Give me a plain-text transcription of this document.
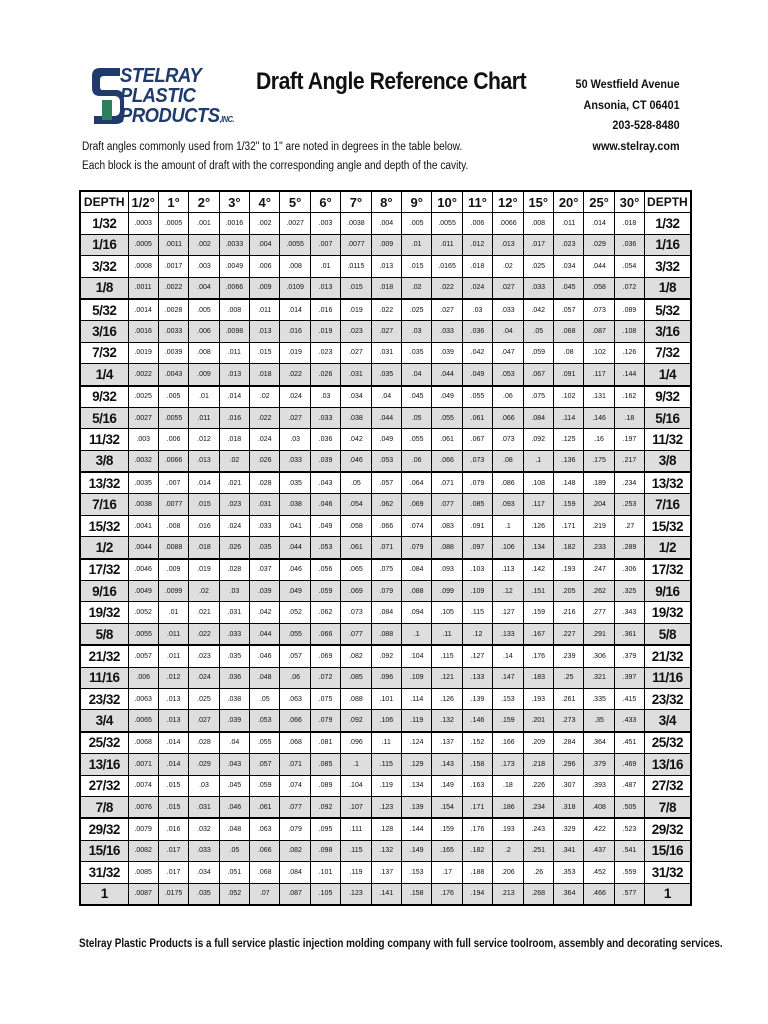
STELRAY
PLASTIC
PRODUCTS,INC.
Draft Angle Reference Chart	50 Westfield Avenue
Ansonia, CT 06401
203-528-8480
www.stelray.com
Draft angles commonly used from 1/32" to 1" are noted in degrees in the table below.
Each block is the amount of draft with the corresponding angle and depth of the cavity.
DEPTH	1/2°	1°	2°	3°	4°	5°	6°	7°	8°	9°	10°	11°	12°	15°	20°	25°	30°	DEPTH
1/32	.0003	.0005	.001	.0016	.002	.0027	.003	.0038	.004	.005	.0055	.006	.0066	.008	.011	.014	.018	1/32
1/16	.0005	.0011	.002	.0033	.004	.0055	.007	.0077	.009	.01	.011	.012	.013	.017	.023	.029	.036	1/16
3/32	.0008	.0017	.003	.0049	.006	.008	.01	.0115	.013	.015	.0165	.018	.02	.025	.034	.044	.054	3/32
1/8	.0011	.0022	.004	.0066	.009	.0109	.013	.015	.018	.02	.022	.024	.027	.033	.045	.058	.072	1/8
5/32	.0014	.0028	.005	.008	.011	.014	.016	.019	.022	.025	.027	.03	.033	.042	.057	.073	.089	5/32
3/16	.0016	.0033	.006	.0098	.013	.016	.019	.023	.027	.03	.033	.036	.04	.05	.068	.087	.108	3/16
7/32	.0019	.0039	.008	.011	.015	.019	.023	.027	.031	.035	.039	.042	.047	.059	.08	.102	.126	7/32
1/4	.0022	.0043	.009	.013	.018	.022	.026	.031	.035	.04	.044	.049	.053	.067	.091	.117	.144	1/4
9/32	.0025	.005	.01	.014	.02	.024	.03	.034	.04	.045	.049	.055	.06	.075	.102	.131	.162	9/32
5/16	.0027	.0055	.011	.016	.022	.027	.033	.038	.044	.05	.055	.061	.066	.084	.114	.146	.18	5/16
11/32	.003	.006	.012	.018	.024	.03	.036	.042	.049	.055	.061	.067	.073	.092	.125	.16	.197	11/32
3/8	.0032	.0066	.013	.02	.026	.033	.039	.046	.053	.06	.066	.073	.08	.1	.136	.175	.217	3/8
13/32	.0035	.007	.014	.021	.028	.035	.043	.05	.057	.064	.071	.079	.086	.108	.148	.189	.234	13/32
7/16	.0038	.0077	.015	.023	.031	.038	.046	.054	.062	.069	.077	.085	.093	.117	.159	.204	.253	7/16
15/32	.0041	.008	.016	.024	.033	.041	.049	.058	.066	.074	.083	.091	.1	.126	.171	.219	.27	15/32
1/2	.0044	.0088	.018	.026	.035	.044	.053	.061	.071	.079	.088	.097	.106	.134	.182	.233	.289	1/2
17/32	.0046	.009	.019	.028	.037	.046	.056	.065	.075	.084	.093	.103	.113	.142	.193	.247	.306	17/32
9/16	.0049	.0099	.02	.03	.039	.049	.059	.069	.079	.088	.099	.109	.12	.151	.205	.262	.325	9/16
19/32	.0052	.01	.021	.031	.042	.052	.062	.073	.084	.094	.105	.115	.127	.159	.216	.277	.343	19/32
5/8	.0055	.011	.022	.033	.044	.055	.066	.077	.088	.1	.11	.12	.133	.167	.227	.291	.361	5/8
21/32	.0057	.011	.023	.035	.046	.057	.069	.082	.092	.104	.115	.127	.14	.176	.239	.306	.379	21/32
11/16	.006	.012	.024	.036	.048	.06	.072	.085	.096	.109	.121	.133	.147	.183	.25	.321	.397	11/16
23/32	.0063	.013	.025	.038	.05	.063	.075	.088	.101	.114	.126	.139	.153	.193	.261	.335	.415	23/32
3/4	.0065	.013	.027	.039	.053	.066	.079	.092	.106	.119	.132	.146	.159	.201	.273	.35	.433	3/4
25/32	.0068	.014	.028	.04	.055	.068	.081	.096	.11	.124	.137	.152	.166	.209	.284	.364	.451	25/32
13/16	.0071	.014	.029	.043	.057	.071	.085	.1	.115	.129	.143	.158	.173	.218	.296	.379	.469	13/16
27/32	.0074	.015	.03	.045	.059	.074	.089	.104	.119	.134	.149	.163	.18	.226	.307	.393	.487	27/32
7/8	.0076	.015	.031	.046	.061	.077	.092	.107	.123	.139	.154	.171	.186	.234	.318	.408	.505	7/8
29/32	.0079	.016	.032	.048	.063	.079	.095	.111	.128	.144	.159	.176	.193	.243	.329	.422	.523	29/32
15/16	.0082	.017	.033	.05	.066	.082	.098	.115	.132	.149	.165	.182	.2	.251	.341	.437	.541	15/16
31/32	.0085	.017	.034	.051	.068	.084	.101	.119	.137	.153	.17	.188	.206	.26	.353	.452	.559	31/32
1	.0087	.0175	.035	.052	.07	.087	.105	.123	.141	.158	.176	.194	.213	.268	.364	.466	.577	1
Stelray Plastic Products is a full service plastic injection molding company with full service toolroom, assembly and decorating services.
